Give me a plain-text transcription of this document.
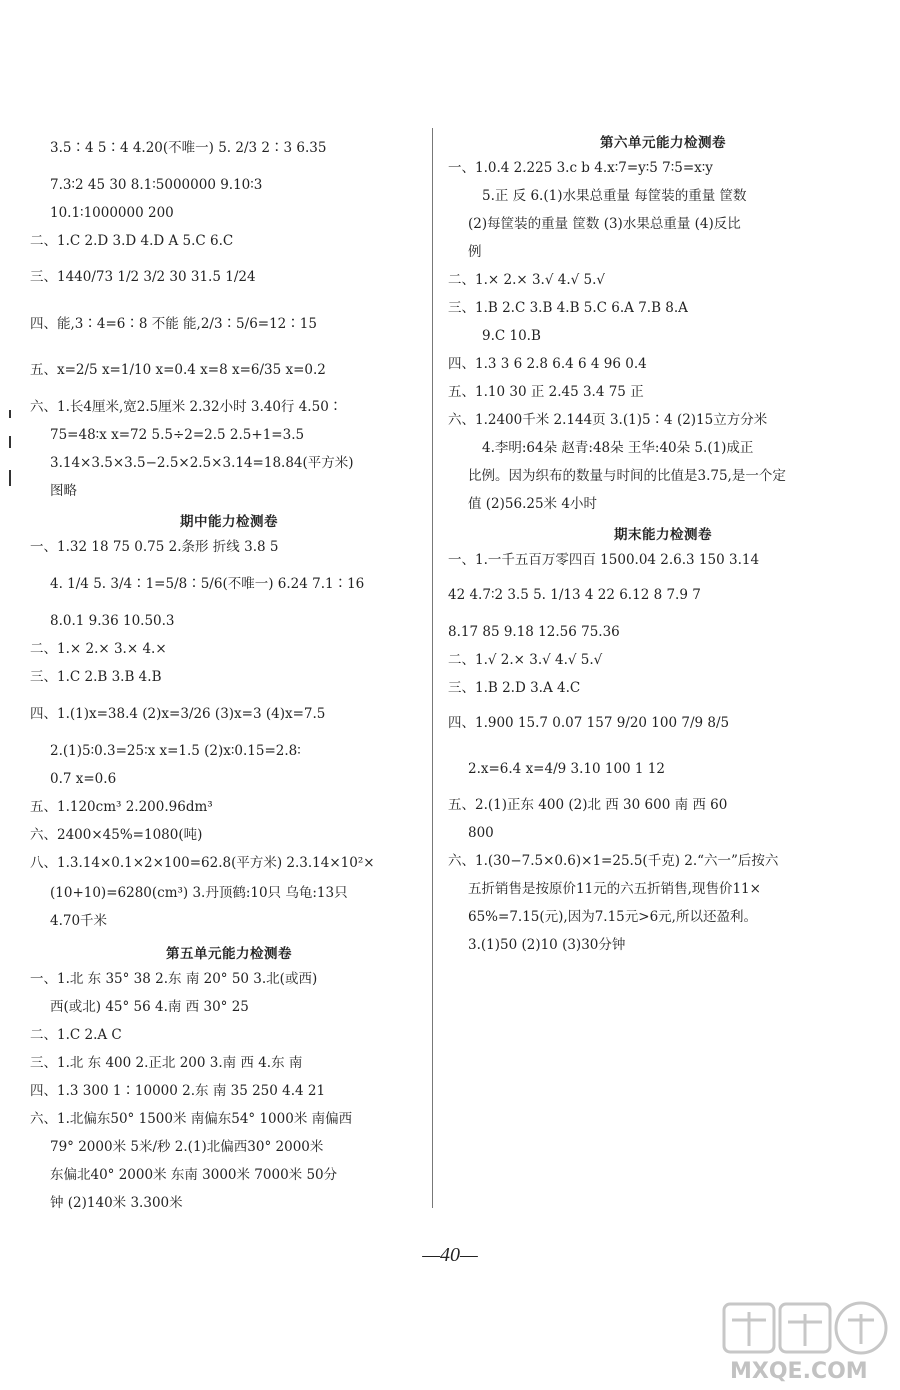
3.5∶4 5∶4 4.20(不唯一) 5. 2/3 2∶3 6.35
7.3∶2 45 30 8.1∶5000000 9.10∶3
10.1∶1000000 200
二、1.C 2.D 3.D 4.D A 5.C 6.C
三、1440/73 1/2 3/2 30 31.5 1/24
四、能,3∶4=6∶8 不能 能,2/3∶5/6=12∶15
五、x=2/5 x=1/10 x=0.4 x=8 x=6/35 x=0.2
六、1.长4厘米,宽2.5厘米 2.32小时 3.40行 4.50∶
75=48∶x x=72 5.5÷2=2.5 2.5+1=3.5
3.14×3.5×3.5−2.5×2.5×3.14=18.84(平方米)
图略
期中能力检测卷
一、1.32 18 75 0.75 2.条形 折线 3.8 5
4. 1/4 5. 3/4∶1=5/8∶5/6(不唯一) 6.24 7.1∶16
8.0.1 9.36 10.50.3
二、1.× 2.× 3.× 4.×
三、1.C 2.B 3.B 4.B
四、1.(1)x=38.4 (2)x=3/26 (3)x=3 (4)x=7.5
2.(1)5∶0.3=25∶x x=1.5 (2)x∶0.15=2.8∶
0.7 x=0.6
五、1.120cm³ 2.200.96dm³
六、2400×45%=1080(吨)
八、1.3.14×0.1×2×100=62.8(平方米) 2.3.14×10²×
(10+10)=6280(cm³) 3.丹顶鹤:10只 乌龟:13只
4.70千米
第五单元能力检测卷
一、1.北 东 35° 38 2.东 南 20° 50 3.北(或西)
西(或北) 45° 56 4.南 西 30° 25
二、1.C 2.A C
三、1.北 东 400 2.正北 200 3.南 西 4.东 南
四、1.3 300 1∶10000 2.东 南 35 250 4.4 21
六、1.北偏东50° 1500米 南偏东54° 1000米 南偏西
79° 2000米 5米/秒 2.(1)北偏西30° 2000米
东偏北40° 2000米 东南 3000米 7000米 50分
钟 (2)140米 3.300米
第六单元能力检测卷
一、1.0.4 2.225 3.c b 4.x∶7=y∶5 7∶5=x∶y
5.正 反 6.(1)水果总重量 每筐装的重量 筐数
(2)每筐装的重量 筐数 (3)水果总重量 (4)反比
例
二、1.× 2.× 3.√ 4.√ 5.√
三、1.B 2.C 3.B 4.B 5.C 6.A 7.B 8.A
9.C 10.B
四、1.3 3 6 2.8 6.4 6 4 96 0.4
五、1.10 30 正 2.45 3.4 75 正
六、1.2400千米 2.144页 3.(1)5∶4 (2)15立方分米
4.李明:64朵 赵青:48朵 王华:40朵 5.(1)成正
比例。因为织布的数量与时间的比值是3.75,是一个定
值 (2)56.25米 4小时
期末能力检测卷
一、1.一千五百万零四百 1500.04 2.6.3 150 3.14
42 4.7∶2 3.5 5. 1/13 4 22 6.12 8 7.9 7
8.17 85 9.18 12.56 75.36
二、1.√ 2.× 3.√ 4.√ 5.√
三、1.B 2.D 3.A 4.C
四、1.900 15.7 0.07 157 9/20 100 7/9 8/5
2.x=6.4 x=4/9 3.10 100 1 12
五、2.(1)正东 400 (2)北 西 30 600 南 西 60
800
六、1.(30−7.5×0.6)×1=25.5(千克) 2.“六一”后按六
五折销售是按原价11元的六五折销售,现售价11×
65%=7.15(元),因为7.15元>6元,所以还盈利。
3.(1)50 (2)10 (3)30分钟
—40—
MXQE.COM
